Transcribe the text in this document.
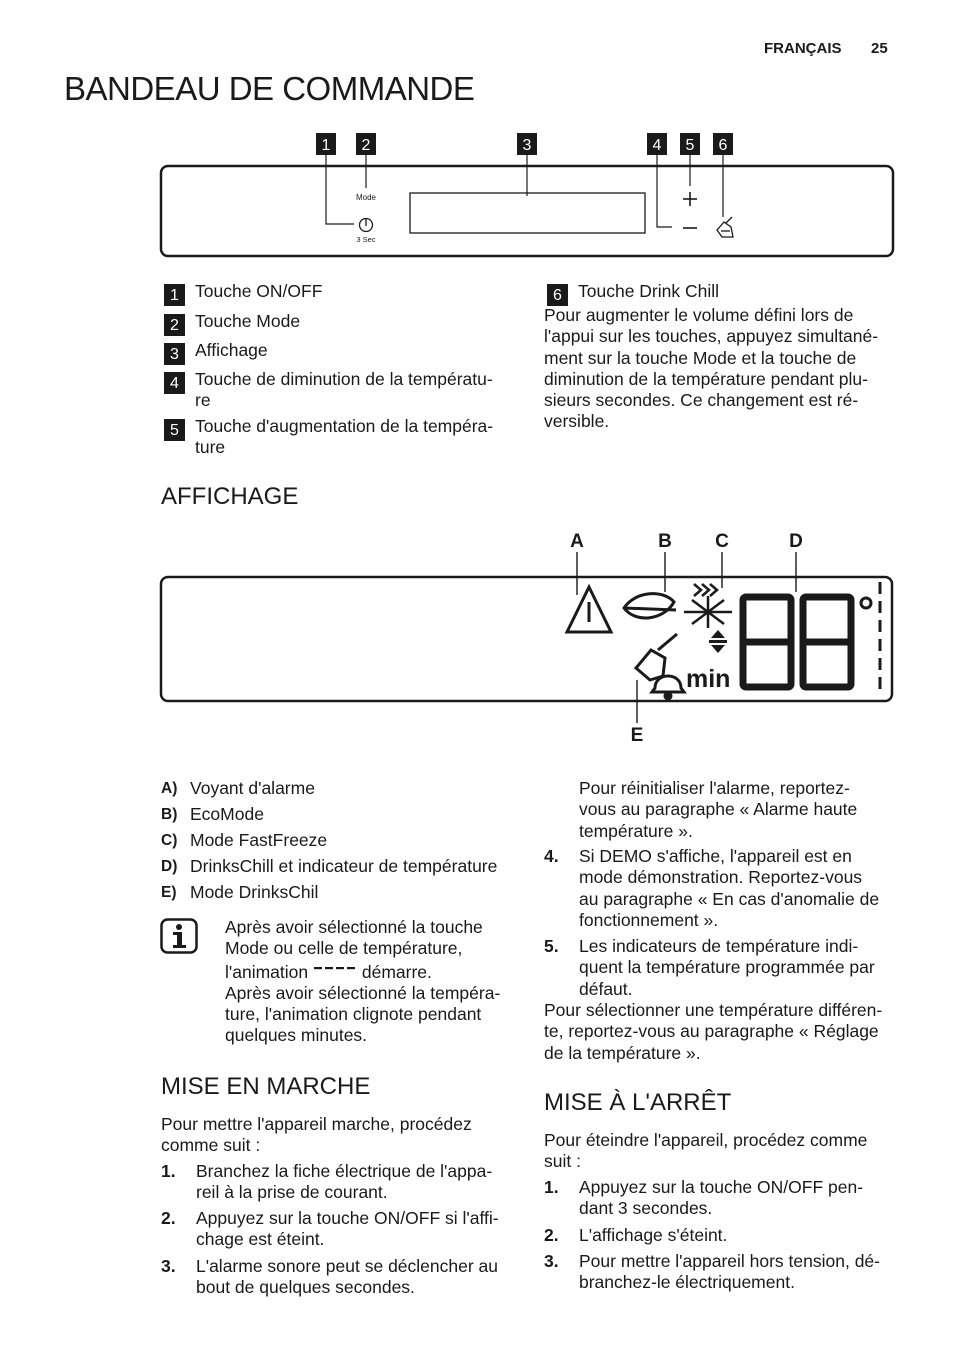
FRANÇAIS 25
BANDEAU DE COMMANDE
1 2	3	4 5 6
Mode
3 Sec
1 Touche ON/OFF
2 Touche Mode
3 Affichage
4 Touche de diminution de la températu-
re
5 Touche d'augmentation de la tempéra-
ture
6 Touche Drink Chill
Pour augmenter le volume défini lors de
l'appui sur les touches, appuyez simultané-
ment sur la touche Mode et la touche de
diminution de la température pendant plu-
sieurs secondes. Ce changement est ré-
versible.
AFFICHAGE
A	B C	D
E
min
A) Voyant d'alarme
B) EcoMode
C) Mode FastFreeze
D) DrinksChill et indicateur de température
E) Mode DrinksChil
Après avoir sélectionné la touche
Mode ou celle de température,
l'animation	démarre.
Après avoir sélectionné la tempéra-
ture, l'animation clignote pendant
quelques minutes.
MISE EN MARCHE
Pour mettre l'appareil marche, procédez
comme suit :
1. Branchez la fiche électrique de l'appa-
reil à la prise de courant.
2. Appuyez sur la touche ON/OFF si l'affi-
chage est éteint.
3. L'alarme sonore peut se déclencher au
bout de quelques secondes.
Pour réinitialiser l'alarme, reportez-
vous au paragraphe « Alarme haute
température ».
4. Si DEMO s'affiche, l'appareil est en
mode démonstration. Reportez-vous
au paragraphe « En cas d'anomalie de
fonctionnement ».
5. Les indicateurs de température indi-
quent la température programmée par
défaut.
Pour sélectionner une température différen-
te, reportez-vous au paragraphe « Réglage
de la température ».
MISE À L'ARRÊT
Pour éteindre l'appareil, procédez comme
suit :
1. Appuyez sur la touche ON/OFF pen-
dant 3 secondes.
2. L'affichage s'éteint.
3. Pour mettre l'appareil hors tension, dé-
branchez-le électriquement.
